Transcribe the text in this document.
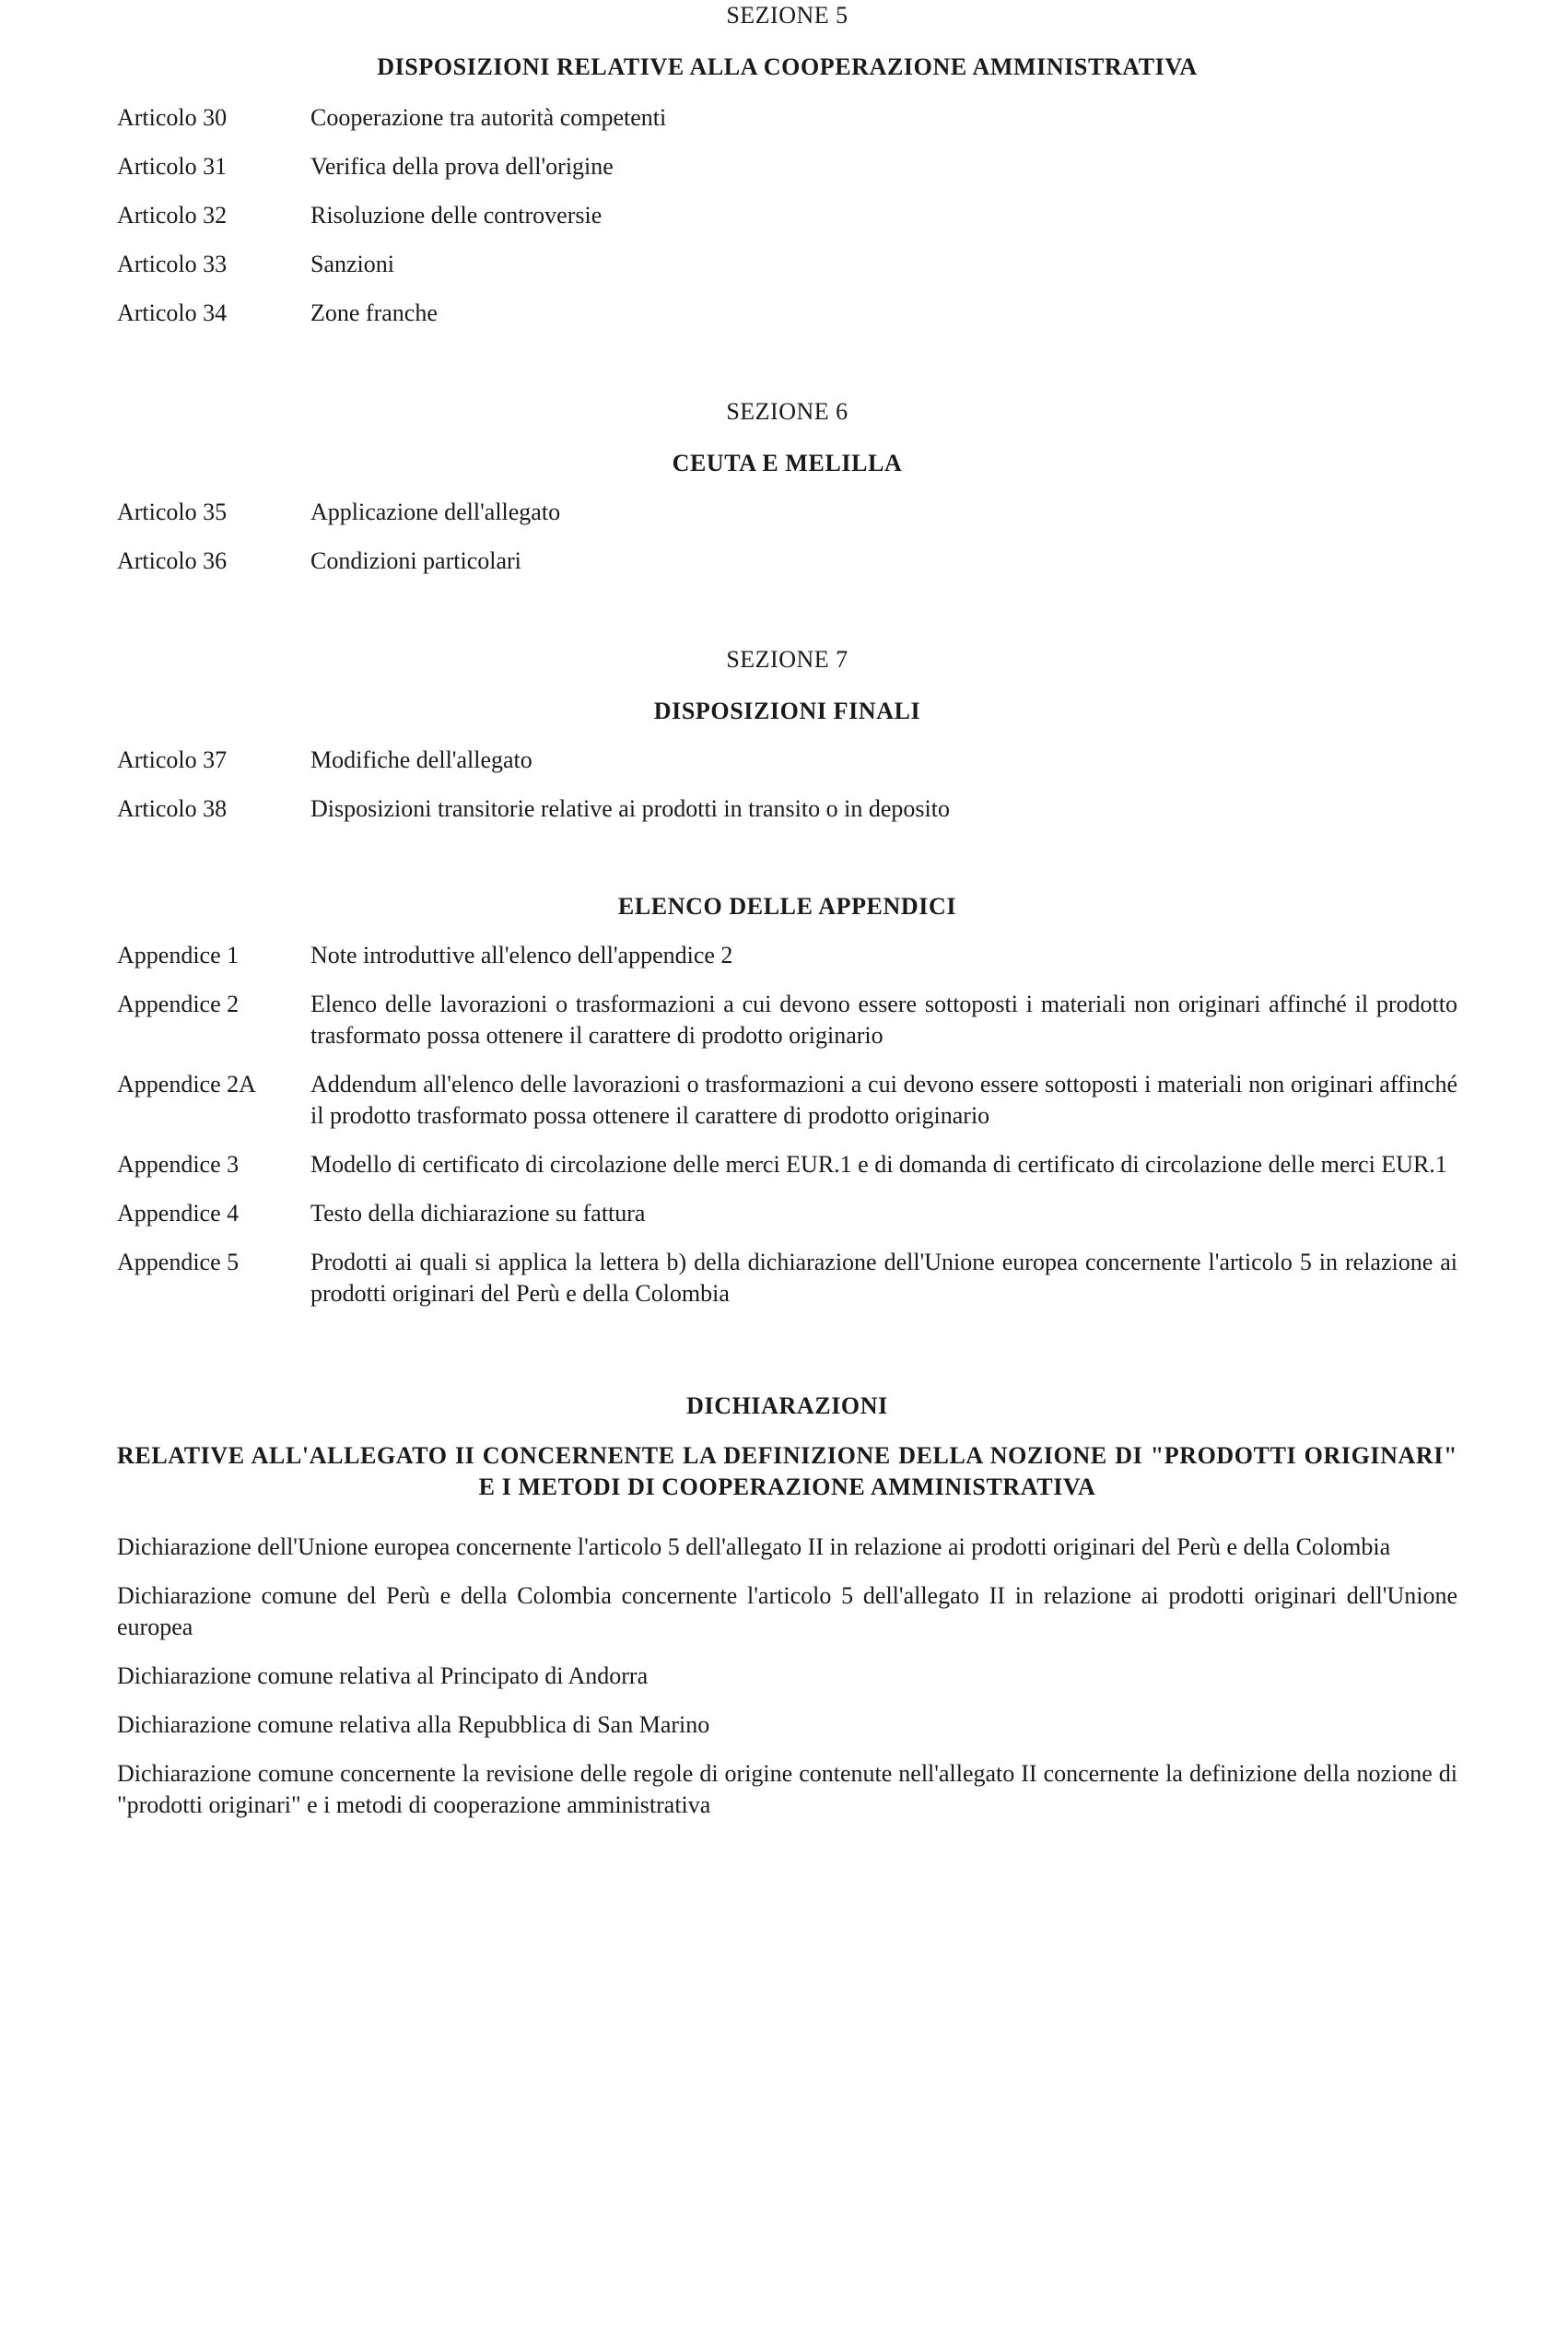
SEZIONE 5
DISPOSIZIONI RELATIVE ALLA COOPERAZIONE AMMINISTRATIVA
Articolo 30	Cooperazione tra autorità competenti
Articolo 31	Verifica della prova dell'origine
Articolo 32	Risoluzione delle controversie
Articolo 33	Sanzioni
Articolo 34	Zone franche
SEZIONE 6
CEUTA E MELILLA
Articolo 35	Applicazione dell'allegato
Articolo 36	Condizioni particolari
SEZIONE 7
DISPOSIZIONI FINALI
Articolo 37	Modifiche dell'allegato
Articolo 38	Disposizioni transitorie relative ai prodotti in transito o in deposito
ELENCO DELLE APPENDICI
Appendice 1	Note introduttive all'elenco dell'appendice 2
Appendice 2	Elenco delle lavorazioni o trasformazioni a cui devono essere sottoposti i materiali non originari affinché il prodotto trasformato possa ottenere il carattere di prodotto originario
Appendice 2A	Addendum all'elenco delle lavorazioni o trasformazioni a cui devono essere sottoposti i materiali non originari affinché il prodotto trasformato possa ottenere il carattere di prodotto originario
Appendice 3	Modello di certificato di circolazione delle merci EUR.1 e di domanda di certificato di circolazione delle merci EUR.1
Appendice 4	Testo della dichiarazione su fattura
Appendice 5	Prodotti ai quali si applica la lettera b) della dichiarazione dell'Unione europea concernente l'articolo 5 in relazione ai prodotti originari del Perù e della Colombia
DICHIARAZIONI
RELATIVE ALL'ALLEGATO II CONCERNENTE LA DEFINIZIONE DELLA NOZIONE DI "PRODOTTI ORIGINARI" E I METODI DI COOPERAZIONE AMMINISTRATIVA
Dichiarazione dell'Unione europea concernente l'articolo 5 dell'allegato II in relazione ai prodotti originari del Perù e della Colombia
Dichiarazione comune del Perù e della Colombia concernente l'articolo 5 dell'allegato II in relazione ai prodotti originari dell'Unione europea
Dichiarazione comune relativa al Principato di Andorra
Dichiarazione comune relativa alla Repubblica di San Marino
Dichiarazione comune concernente la revisione delle regole di origine contenute nell'allegato II concernente la definizione della nozione di "prodotti originari" e i metodi di cooperazione amministrativa
